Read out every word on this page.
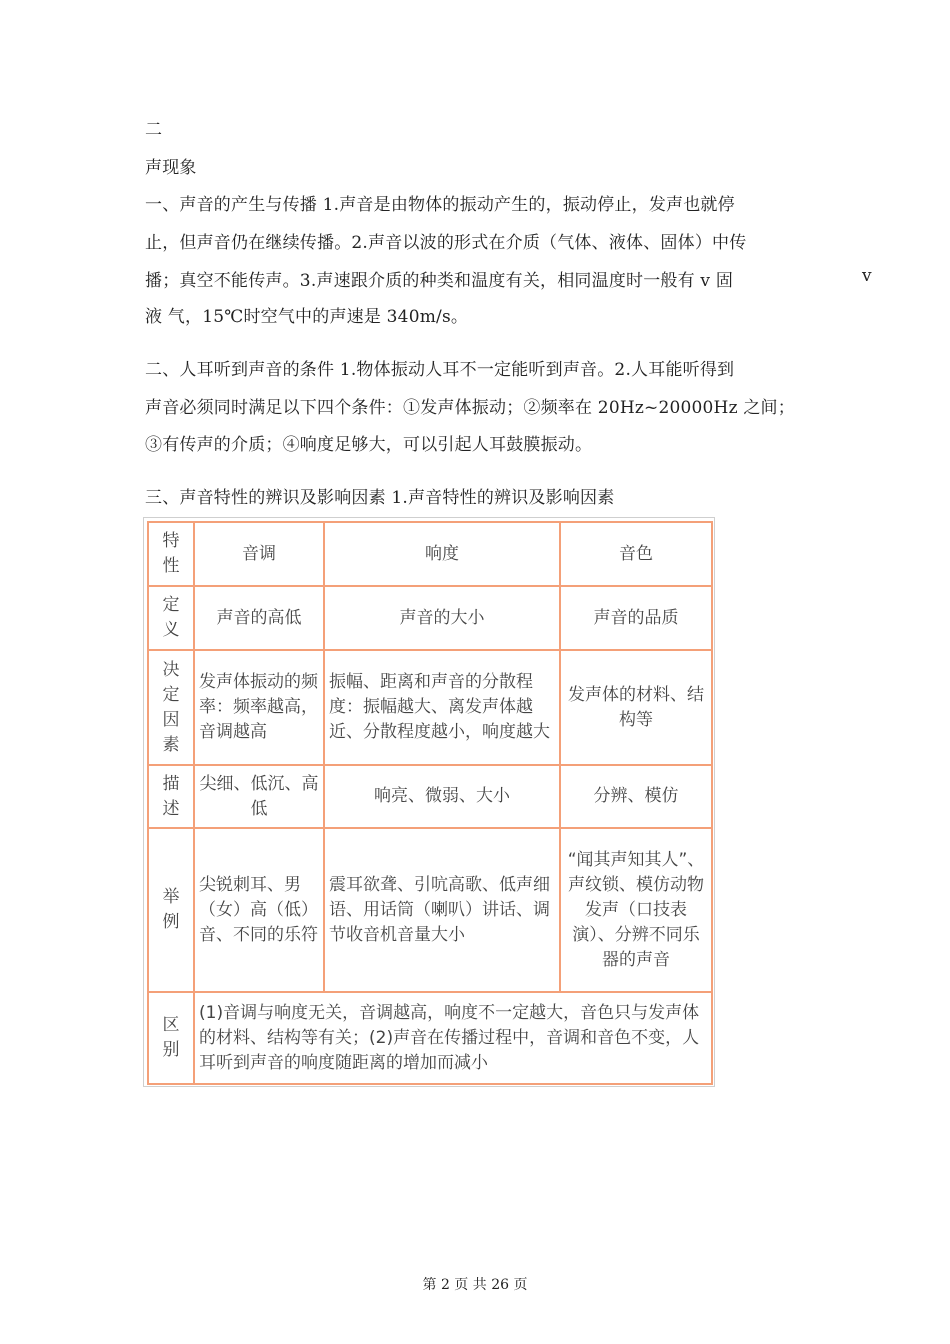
二
声现象
一、声音的产生与传播 1.声音是由物体的振动产生的，振动停止，发声也就停
止，但声音仍在继续传播。2.声音以波的形式在介质（气体、液体、固体）中传
播；真空不能传声。3.声速跟介质的种类和温度有关，相同温度时一般有 v 固	v
液 气，15℃时空气中的声速是 340m/s。
二、人耳听到声音的条件 1.物体振动人耳不一定能听到声音。2.人耳能听得到
声音必须同时满足以下四个条件：①发声体振动；②频率在 20Hz~20000Hz 之间；
③有传声的介质；④响度足够大，可以引起人耳鼓膜振动。
三、声音特性的辨识及影响因素 1.声音特性的辨识及影响因素
特性	音调	响度	音色
定义	声音的高低	声音的大小	声音的品质
决定因素	发声体振动的频率：频率越高，音调越高	振幅、距离和声音的分散程度：振幅越大、离发声体越近、分散程度越小，响度越大	发声体的材料、结构等
描述	尖细、低沉、高低	响亮、微弱、大小	分辨、模仿
举例	尖锐刺耳、男（女）高（低）音、不同的乐符	震耳欲聋、引吭高歌、低声细语、用话筒（喇叭）讲话、调节收音机音量大小	“闻其声知其人”、声纹锁、模仿动物发声（口技表演）、分辨不同乐器的声音
区别	(1)音调与响度无关，音调越高，响度不一定越大，音色只与发声体的材料、结构等有关；(2)声音在传播过程中，音调和音色不变，人耳听到声音的响度随距离的增加而减小		
第 2 页 共 26 页
